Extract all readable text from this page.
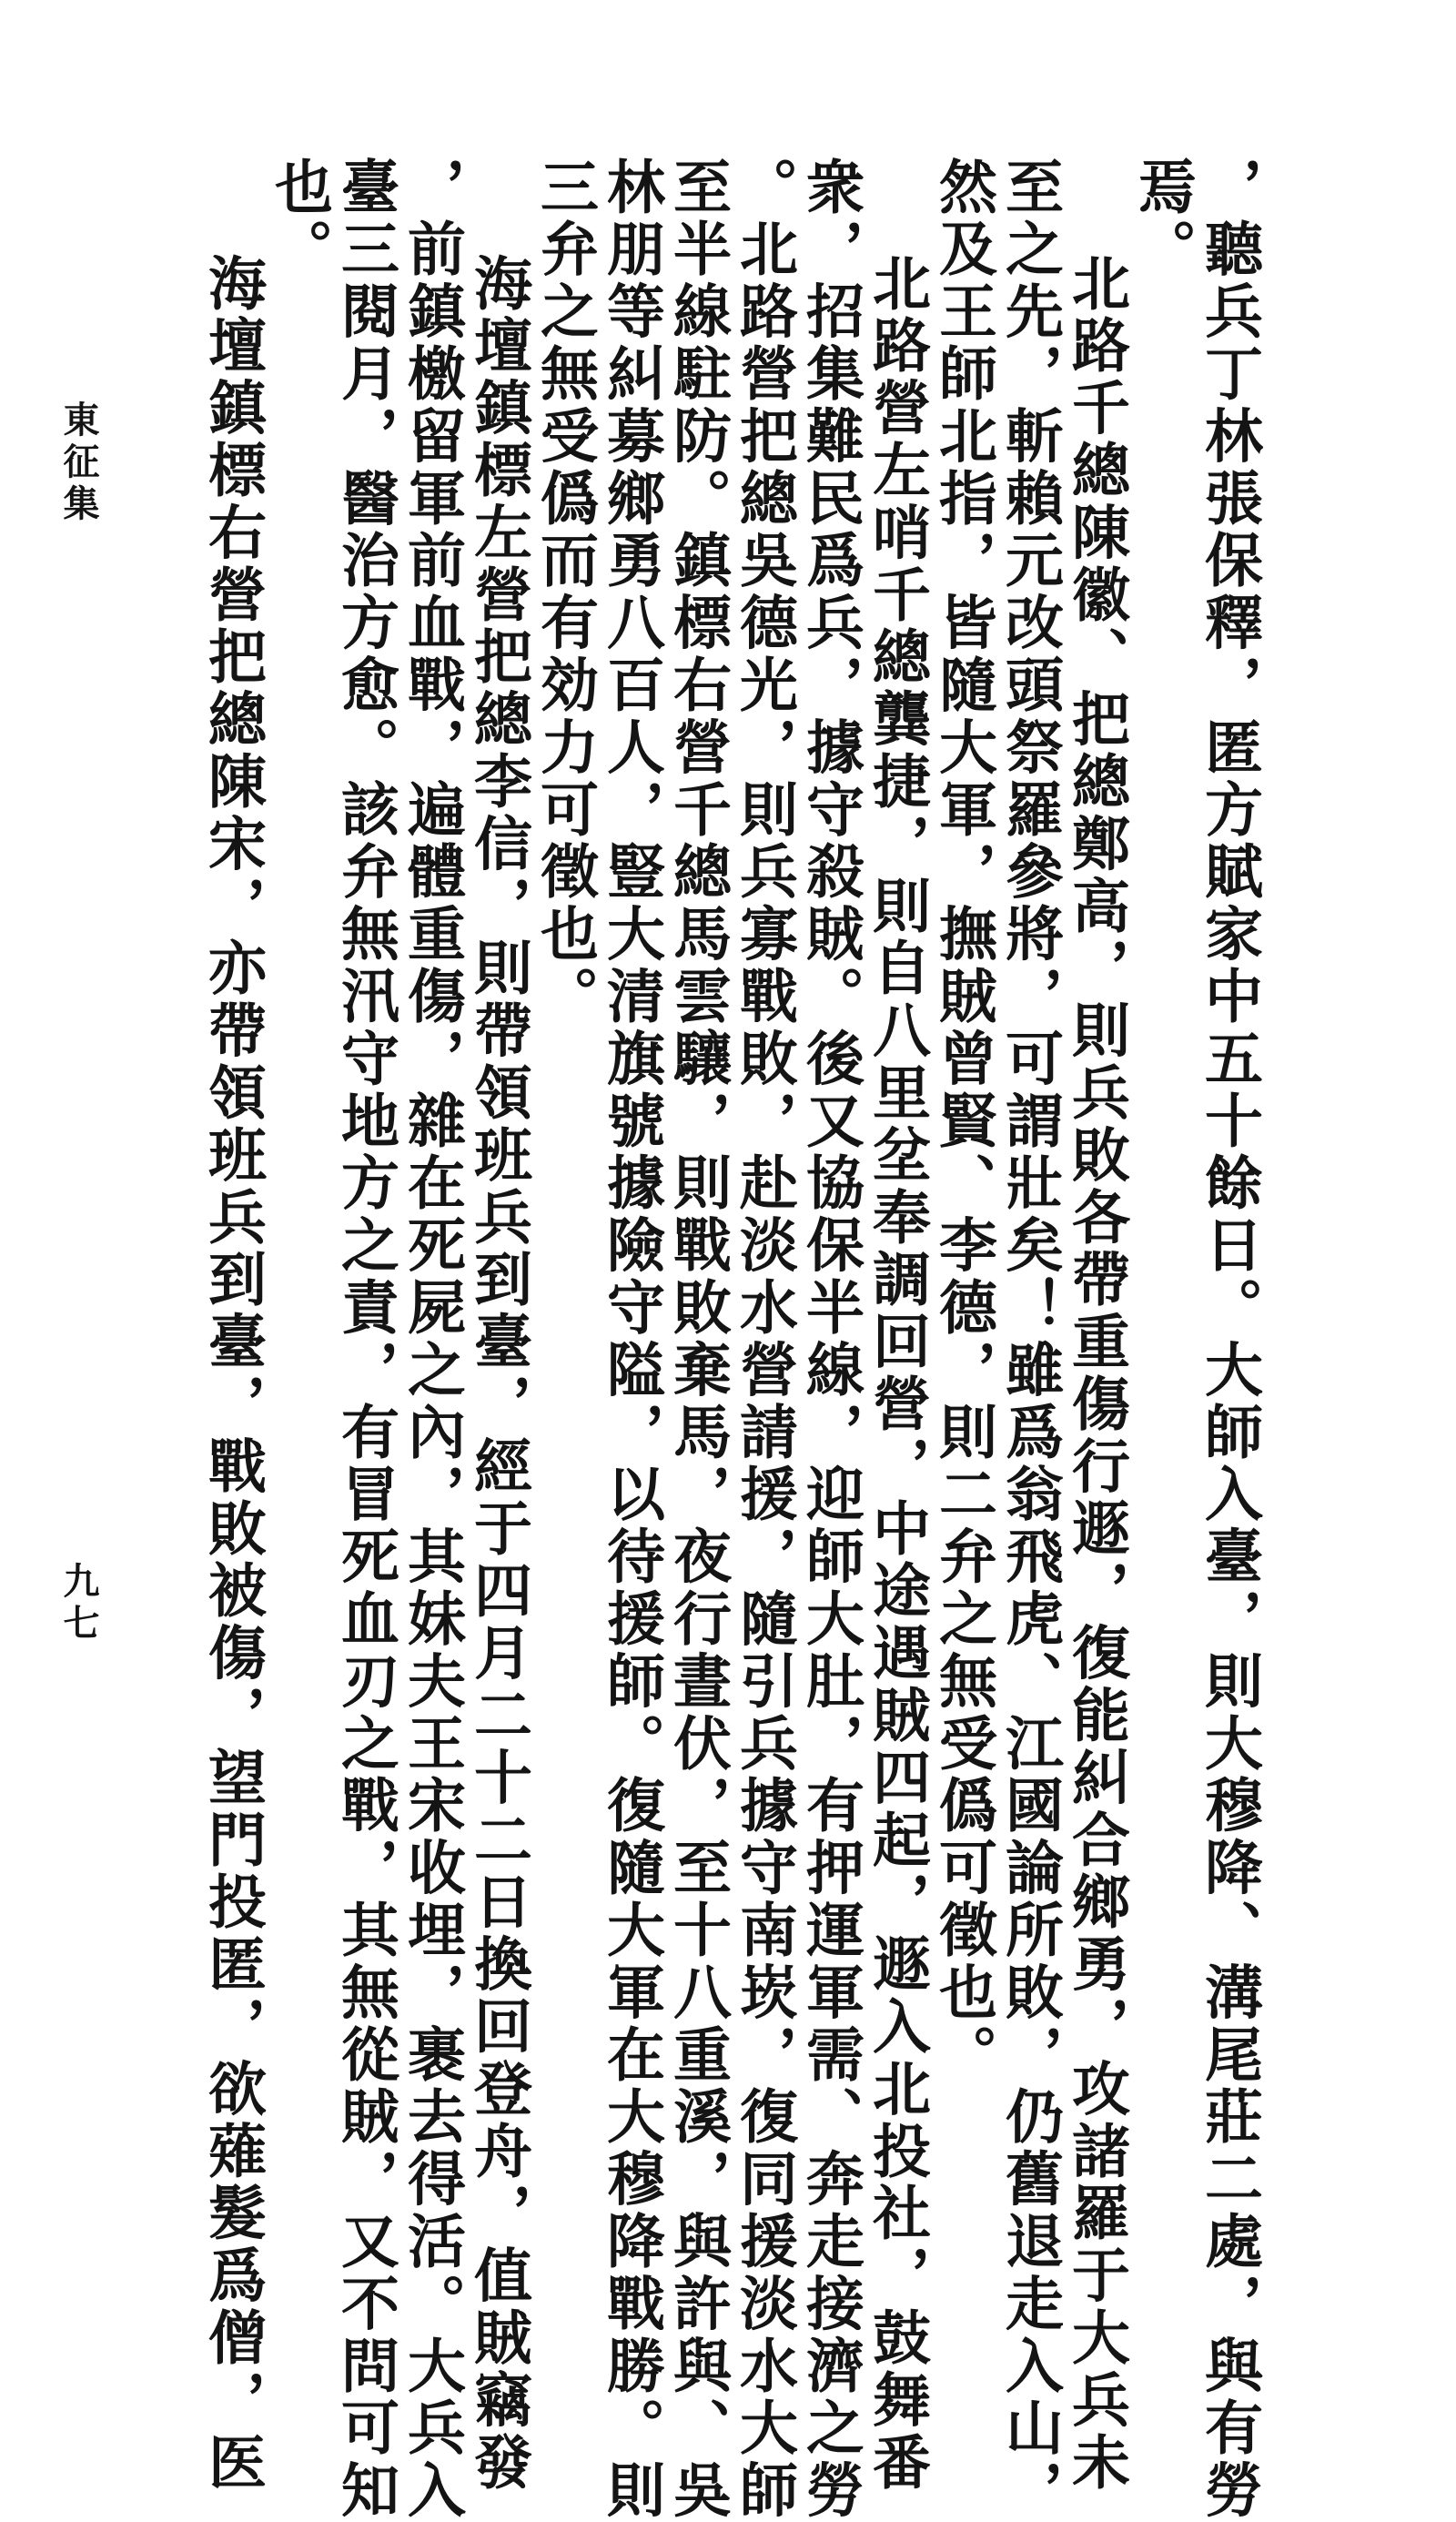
，聽兵丁林張保釋，匿方賦家中五十餘日。大師入臺，則大穆降、溝尾莊二處，與有勞
焉。
北路千總陳徽、把總鄭高，則兵敗各帶重傷行遯，復能糾合鄉勇，攻諸羅于大兵未
至之先，斬賴元改頭祭羅參將，可謂壯矣！雖爲翁飛虎、江國論所敗，仍舊退走入山，
然及王師北指，皆隨大軍，撫賊曾賢、李德，則二弁之無受僞可徵也。
北路營左哨千總龔捷，則自八里坌奉調回營，中途遇賊四起，遯入北投社，鼓舞番
衆，招集難民爲兵，據守殺賊。後又協保半線，迎師大肚，有押運軍需、奔走接濟之勞
。北路營把總吳德光，則兵寡戰敗，赴淡水營請援，隨引兵據守南崁，復同援淡水大師
至半線駐防。鎮標右營千總馬雲驤，則戰敗棄馬，夜行晝伏，至十八重溪，與許與、吳
林朋等糾募鄉勇八百人，豎大清旗號據險守隘，以待援師。復隨大軍在大穆降戰勝。則
三弁之無受僞而有効力可徵也。
海壇鎮標左營把總李信，則帶領班兵到臺，經于四月二十二日換回登舟，值賊竊發
，前鎮檄留軍前血戰，遍體重傷，雜在死屍之內，其妹夫王宋收埋，裹去得活。大兵入
臺三閱月，醫治方愈。該弁無汛守地方之責，有冒死血刃之戰，其無從賊，又不問可知
也。
海壇鎮標右營把總陳宋，亦帶領班兵到臺，戰敗被傷，望門投匿，欲薙髮爲僧，医
東征集
九七
